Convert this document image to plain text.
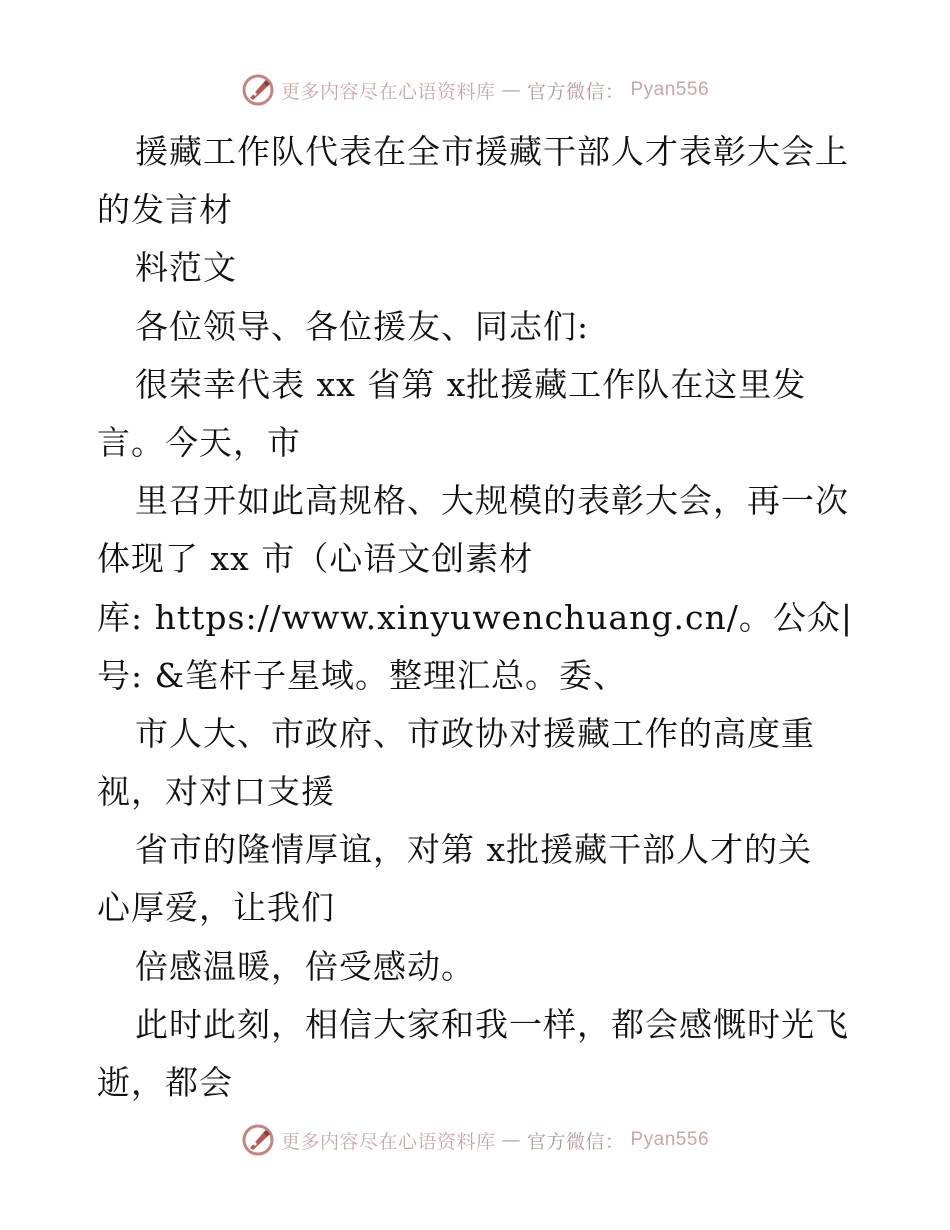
更多内容尽在心语资料库 — 官方微信： Pyan556
援藏工作队代表在全市援藏干部人才表彰大会上
的发言材
料范文
各位领导、各位援友、同志们:
很荣幸代表 xx 省第 x批援藏工作队在这里发
言。今天，市
里召开如此高规格、大规模的表彰大会，再一次
体现了 xx 市（心语文创素材
库: https://www.xinyuwenchuang.cn/。公众|
号: &笔杆子星域。整理汇总。委、
市人大、市政府、市政协对援藏工作的高度重
视，对对口支援
省市的隆情厚谊，对第 x批援藏干部人才的关
心厚爱，让我们
倍感温暖，倍受感动。
此时此刻，相信大家和我一样，都会感慨时光飞
逝，都会
更多内容尽在心语资料库 — 官方微信： Pyan556
